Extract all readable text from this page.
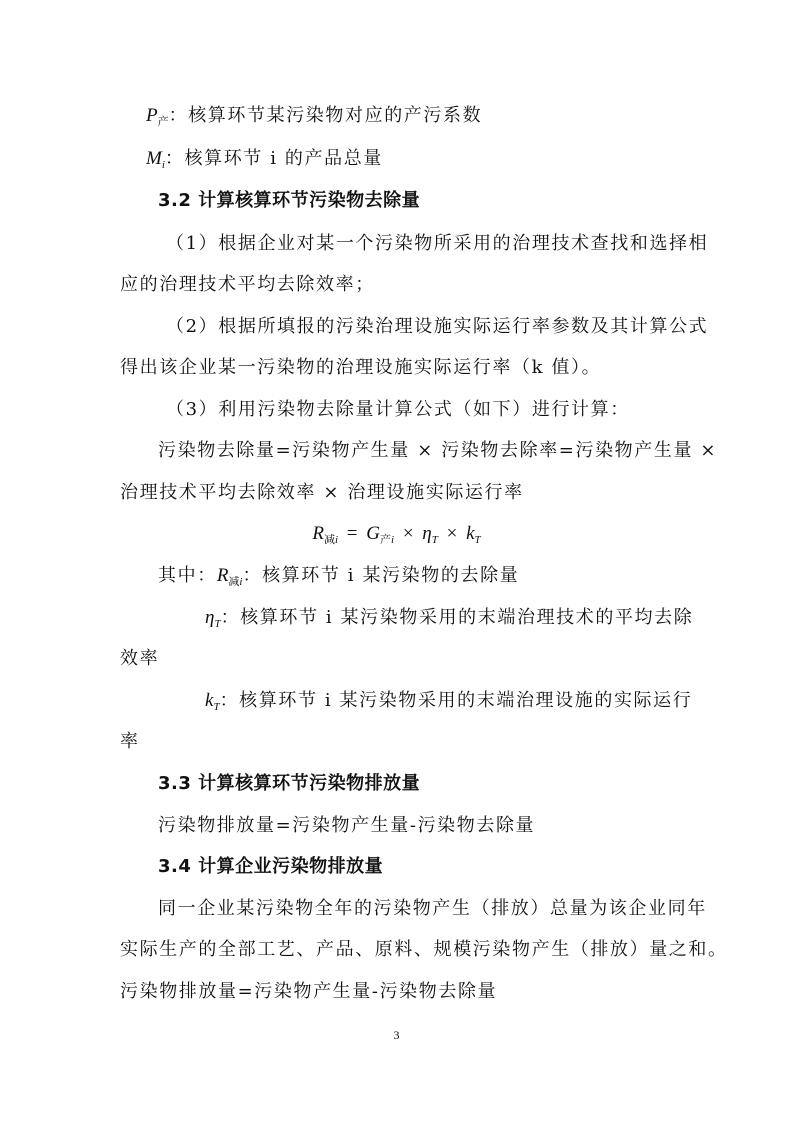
$P_产$：核算环节某污染物对应的产污系数
$M_i$：核算环节 i 的产品总量
3.2 计算核算环节污染物去除量
（1）根据企业对某一个污染物所采用的治理技术查找和选择相
应的治理技术平均去除效率；
（2）根据所填报的污染治理设施实际运行率参数及其计算公式
得出该企业某一污染物的治理设施实际运行率（k 值）。
（3）利用污染物去除量计算公式（如下）进行计算：
污染物去除量=污染物产生量 × 污染物去除率=污染物产生量 ×
治理技术平均去除效率 × 治理设施实际运行率
$R_{减i} = G_{产i} \times \eta_T \times k_T$
其中：$R_{减i}$：核算环节 i 某污染物的去除量
$\eta_T$：核算环节 i 某污染物采用的末端治理技术的平均去除
效率
$k_T$：核算环节 i 某污染物采用的末端治理设施的实际运行
率
3.3 计算核算环节污染物排放量
污染物排放量=污染物产生量-污染物去除量
3.4 计算企业污染物排放量
同一企业某污染物全年的污染物产生（排放）总量为该企业同年
实际生产的全部工艺、产品、原料、规模污染物产生（排放）量之和。
污染物排放量=污染物产生量-污染物去除量
3
